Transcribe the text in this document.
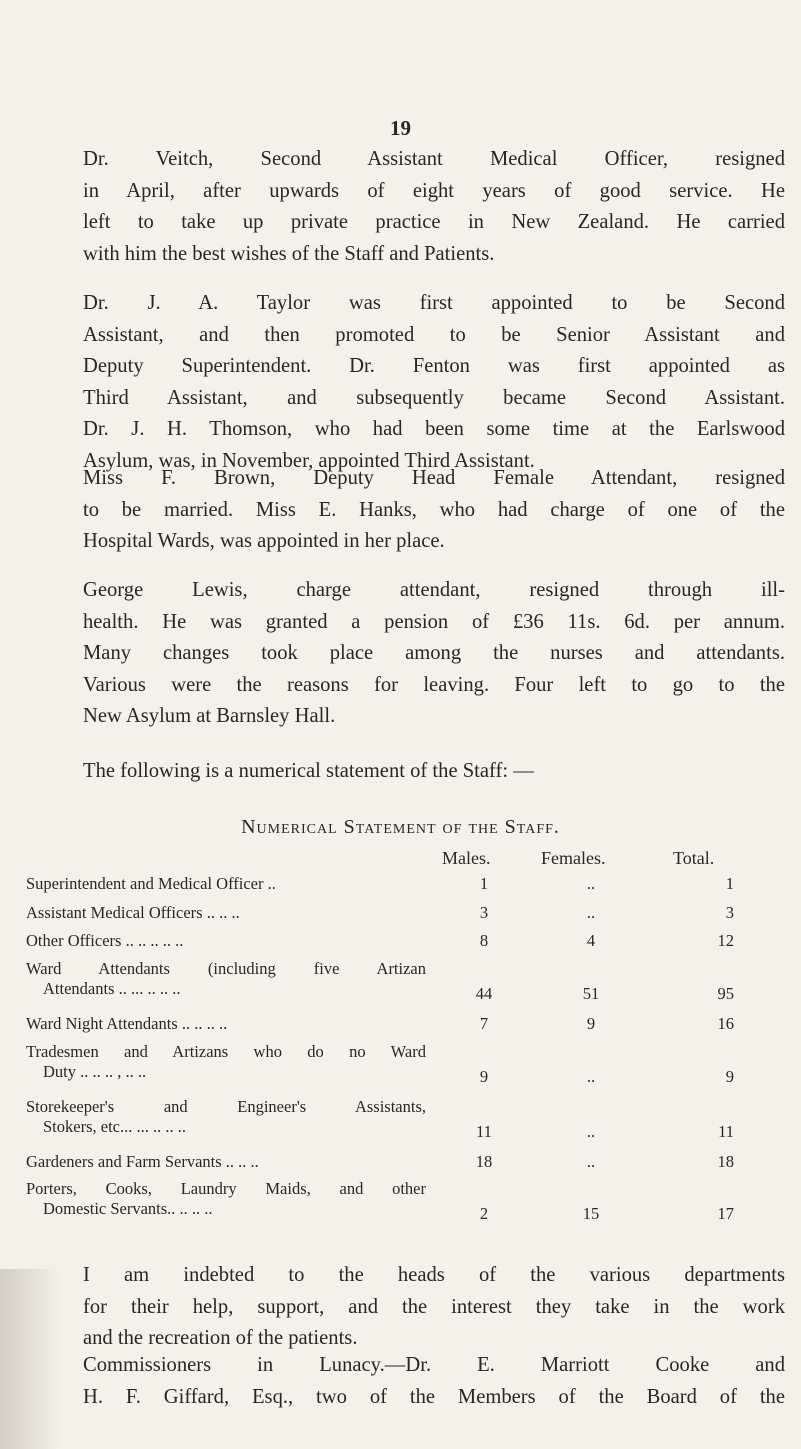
19

Dr. Veitch, Second Assistant Medical Officer, resigned
in April, after upwards of eight years of good service. He
left to take up private practice in New Zealand. He carried
with him the best wishes of the Staff and Patients.

Dr. J. A. Taylor was first appointed to be Second
Assistant, and then promoted to be Senior Assistant and
Deputy Superintendent. Dr. Fenton was first appointed as
Third Assistant, and subsequently became Second Assistant.
Dr. J. H. Thomson, who had been some time at the Earlswood
Asylum, was, in November, appointed Third Assistant.

Miss F. Brown, Deputy Head Female Attendant, resigned
to be married. Miss E. Hanks, who had charge of one of the
Hospital Wards, was appointed in her place.

George Lewis, charge attendant, resigned through ill-
health. He was granted a pension of £36 11s. 6d. per annum.
Many changes took place among the nurses and attendants.
Various were the reasons for leaving. Four left to go to the
New Asylum at Barnsley Hall.

The following is a numerical statement of the Staff: —

Numerical Statement of the Staff.
Males.	Females.	Total.
Superintendent and Medical Officer ..	1	..	1
Assistant Medical Officers .. .. ..	3	..	3
Other Officers .. .. .. .. ..	8	4	12
Ward Attendants (including five Artizan
Attendants .. ... .. .. ..	44	51	95
Ward Night Attendants .. .. .. ..	7	9	16
Tradesmen and Artizans who do no Ward
Duty .. .. .. , .. ..	9	..	9
Storekeeper's and Engineer's Assistants,
Stokers, etc... ... .. .. ..	11	..	11
Gardeners and Farm Servants .. .. ..	18	..	18
Porters, Cooks, Laundry Maids, and other
Domestic Servants.. .. .. ..	2	15	17

I am indebted to the heads of the various departments
for their help, support, and the interest they take in the work
and the recreation of the patients.

Commissioners in Lunacy.—Dr. E. Marriott Cooke and
H. F. Giffard, Esq., two of the Members of the Board of the
